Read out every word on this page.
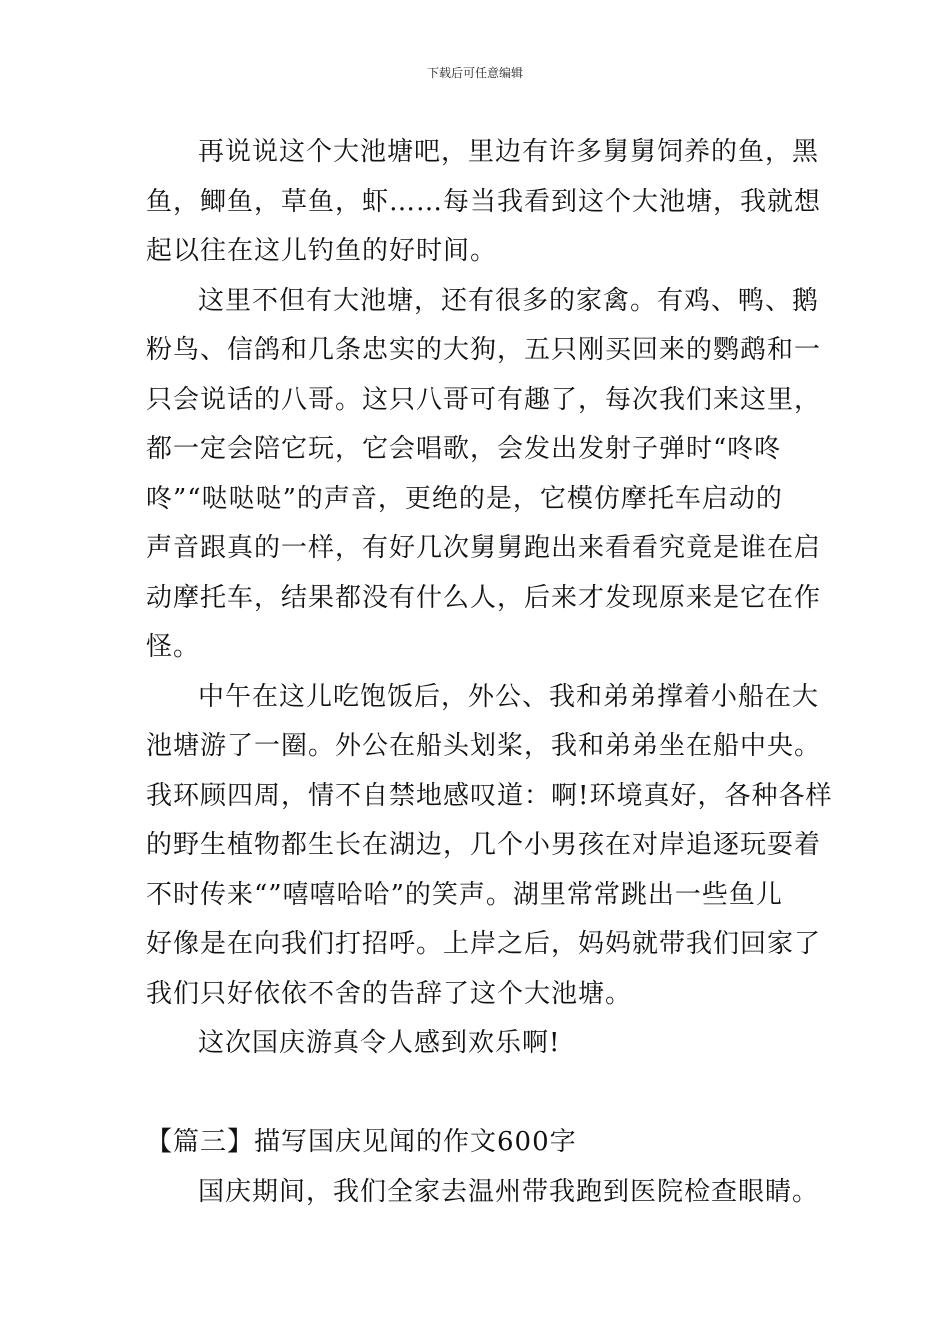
下载后可任意编辑
再说说这个大池塘吧，里边有许多舅舅饲养的鱼，黑
鱼，鲫鱼，草鱼，虾……每当我看到这个大池塘，我就想
起以往在这儿钓鱼的好时间。
这里不但有大池塘，还有很多的家禽。有鸡、鸭、鹅
粉鸟、信鸽和几条忠实的大狗，五只刚买回来的鹦鹉和一
只会说话的八哥。这只八哥可有趣了，每次我们来这里，
都一定会陪它玩，它会唱歌，会发出发射子弹时“咚咚
咚”“哒哒哒”的声音，更绝的是，它模仿摩托车启动的
声音跟真的一样，有好几次舅舅跑出来看看究竟是谁在启
动摩托车，结果都没有什么人，后来才发现原来是它在作
怪。
中午在这儿吃饱饭后，外公、我和弟弟撑着小船在大
池塘游了一圈。外公在船头划桨，我和弟弟坐在船中央。
我环顾四周，情不自禁地感叹道：啊!环境真好，各种各样
的野生植物都生长在湖边，几个小男孩在对岸追逐玩耍着
不时传来“”嘻嘻哈哈”的笑声。湖里常常跳出一些鱼儿
好像是在向我们打招呼。上岸之后，妈妈就带我们回家了
我们只好依依不舍的告辞了这个大池塘。
这次国庆游真令人感到欢乐啊!
【篇三】描写国庆见闻的作文600字
国庆期间，我们全家去温州带我跑到医院检查眼睛。
